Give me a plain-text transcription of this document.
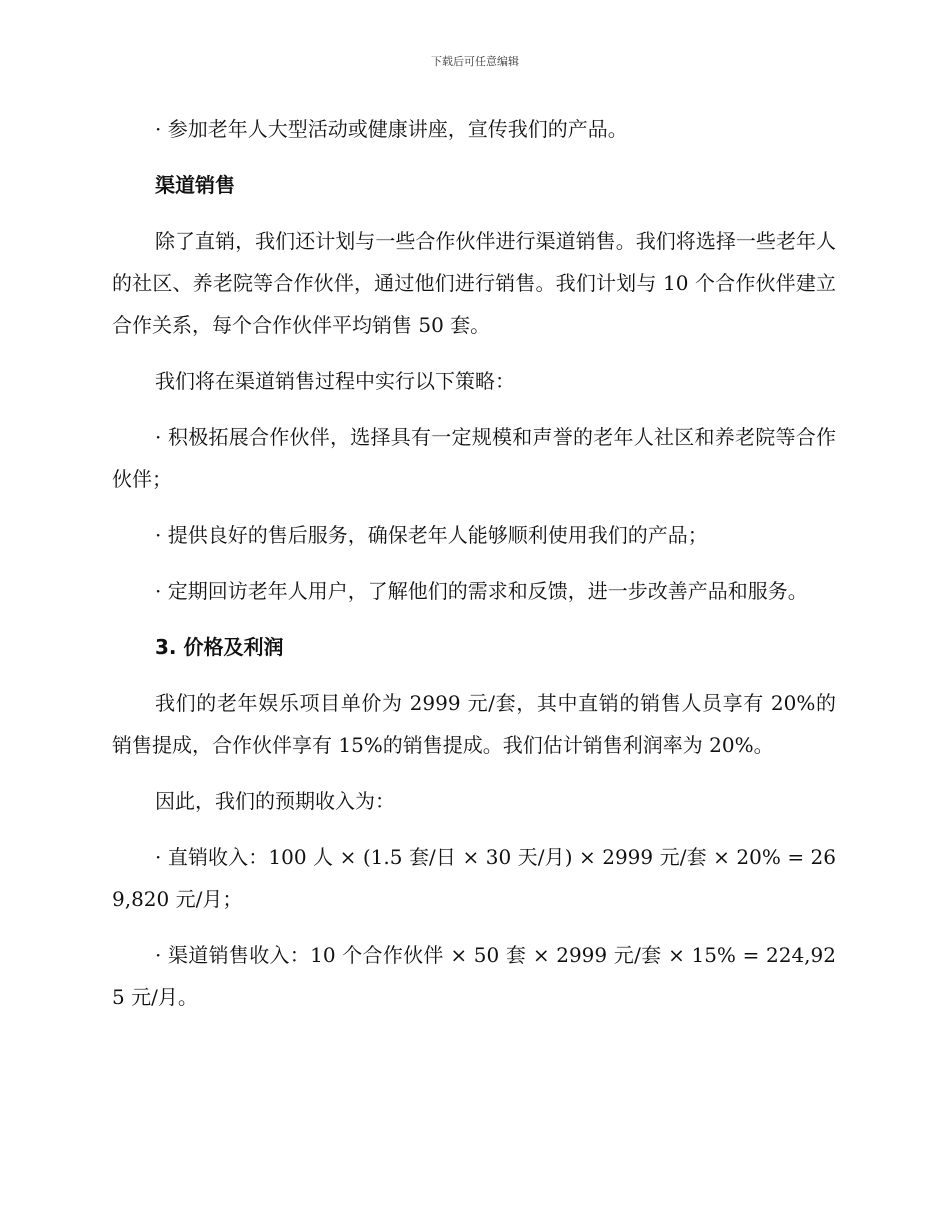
下载后可任意编辑

· 参加老年人大型活动或健康讲座，宣传我们的产品。

渠道销售

除了直销，我们还计划与一些合作伙伴进行渠道销售。我们将选择一些老年人的社区、养老院等合作伙伴，通过他们进行销售。我们计划与 10 个合作伙伴建立合作关系，每个合作伙伴平均销售 50 套。

我们将在渠道销售过程中实行以下策略：

· 积极拓展合作伙伴，选择具有一定规模和声誉的老年人社区和养老院等合作伙伴；

· 提供良好的售后服务，确保老年人能够顺利使用我们的产品；

· 定期回访老年人用户，了解他们的需求和反馈，进一步改善产品和服务。

3. 价格及利润

我们的老年娱乐项目单价为 2999 元/套，其中直销的销售人员享有 20%的销售提成，合作伙伴享有 15%的销售提成。我们估计销售利润率为 20%。

因此，我们的预期收入为：

· 直销收入：100 人 × (1.5 套/日 × 30 天/月) × 2999 元/套 × 20% = 269,820 元/月；

· 渠道销售收入：10 个合作伙伴 × 50 套 × 2999 元/套 × 15% = 224,925 元/月。
